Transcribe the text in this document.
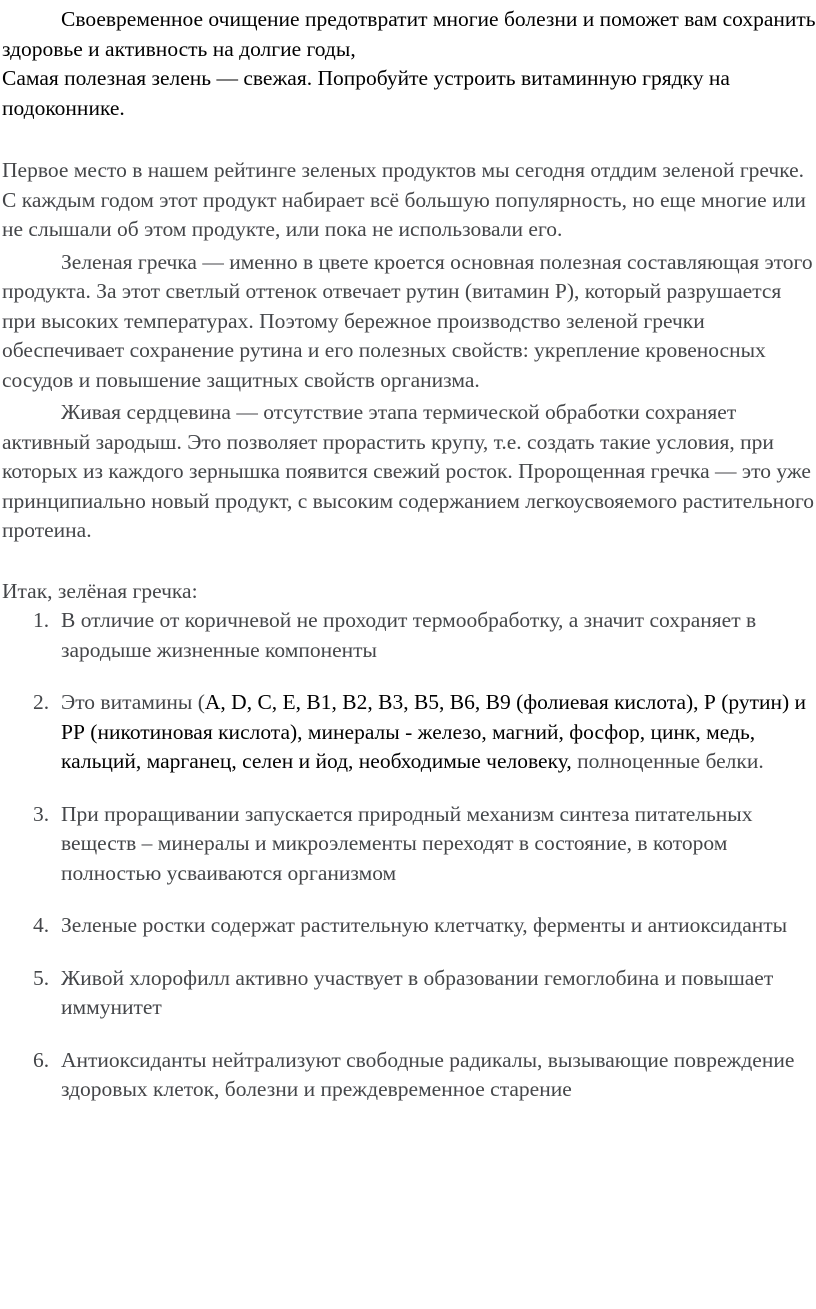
Своевременное очищение предотвратит многие болезни и поможет вам сохранить здоровье и активность на долгие годы,

Самая полезная зелень — свежая. Попробуйте устроить витаминную грядку на подоконнике.

Первое место в нашем рейтинге зеленых продуктов мы сегодня отддим зеленой гречке. С каждым годом этот продукт набирает всё большую популярность, но еще многие или не слышали об этом продукте, или пока не использовали его.

Зеленая гречка — именно в цвете кроется основная полезная составляющая этого продукта. За этот светлый оттенок отвечает рутин (витамин Р), который разрушается при высоких температурах. Поэтому бережное производство зеленой гречки обеспечивает сохранение рутина и его полезных свойств: укрепление кровеносных сосудов и повышение защитных свойств организма.

Живая сердцевина — отсутствие этапа термической обработки сохраняет активный зародыш. Это позволяет прорастить крупу, т.е. создать такие условия, при которых из каждого зернышка появится свежий росток. Пророщенная гречка — это уже принципиально новый продукт, с высоким содержанием легкоусвояемого растительного протеина.

Итак, зелёная гречка:

1. В отличие от коричневой не проходит термообработку, а значит сохраняет в зародыше жизненные компоненты
2. Это витамины (А, D, С, Е, В1, В2, В3, В5, В6, В9 (фолиевая кислота), Р (рутин) и РР (никотиновая кислота), минералы - железо, магний, фосфор, цинк, медь, кальций, марганец, селен и йод, необходимые человеку, полноценные белки.
3. При проращивании запускается природный механизм синтеза питательных веществ – минералы и микроэлементы переходят в состояние, в котором полностью усваиваются организмом
4. Зеленые ростки содержат растительную клетчатку, ферменты и антиоксиданты
5. Живой хлорофилл активно участвует в образовании гемоглобина и повышает иммунитет
6. Антиоксиданты нейтрализуют свободные радикалы, вызывающие повреждение здоровых клеток, болезни и преждевременное старение
